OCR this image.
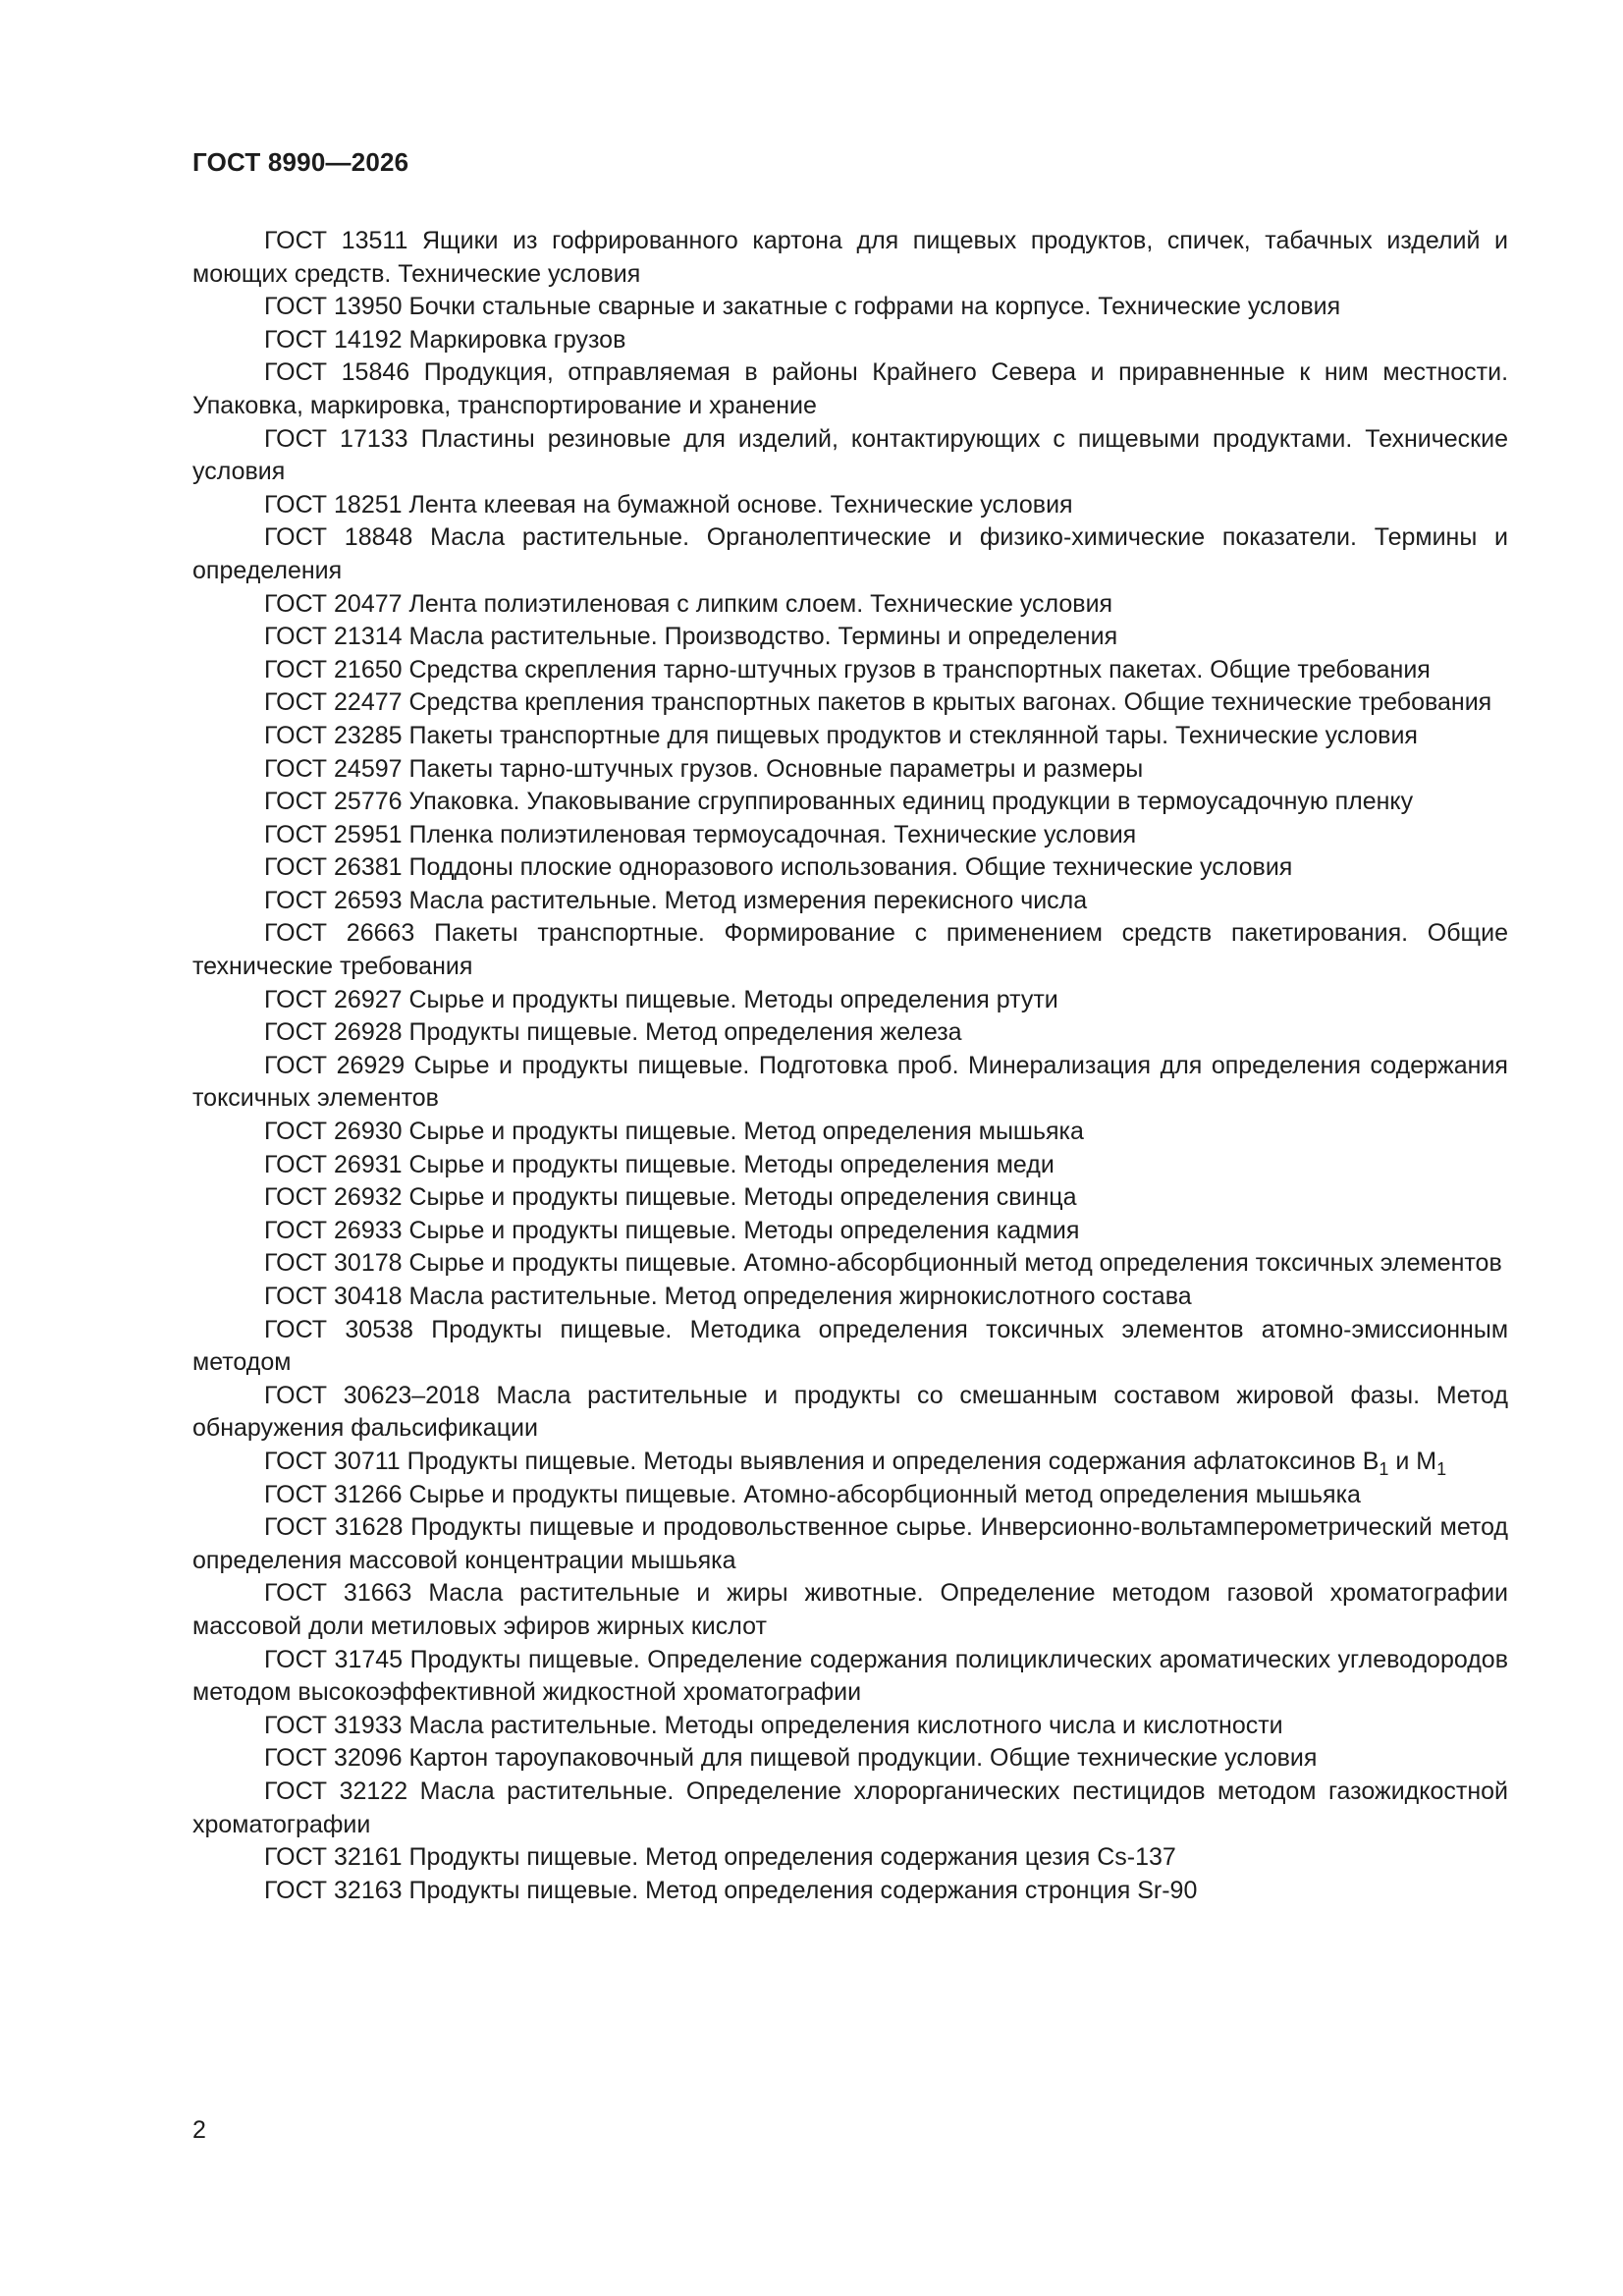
ГОСТ 8990—2026

ГОСТ 13511 Ящики из гофрированного картона для пищевых продуктов, спичек, табачных изделий и моющих средств. Технические условия

ГОСТ 13950 Бочки стальные сварные и закатные с гофрами на корпусе. Технические условия

ГОСТ 14192 Маркировка грузов

ГОСТ 15846 Продукция, отправляемая в районы Крайнего Севера и приравненные к ним местности. Упаковка, маркировка, транспортирование и хранение

ГОСТ 17133 Пластины резиновые для изделий, контактирующих с пищевыми продуктами. Технические условия

ГОСТ 18251 Лента клеевая на бумажной основе. Технические условия

ГОСТ 18848 Масла растительные. Органолептические и физико-химические показатели. Термины и определения

ГОСТ 20477 Лента полиэтиленовая с липким слоем. Технические условия

ГОСТ 21314 Масла растительные. Производство. Термины и определения

ГОСТ 21650 Средства скрепления тарно-штучных грузов в транспортных пакетах. Общие требования

ГОСТ 22477 Средства крепления транспортных пакетов в крытых вагонах. Общие технические требования

ГОСТ 23285 Пакеты транспортные для пищевых продуктов и стеклянной тары. Технические условия

ГОСТ 24597 Пакеты тарно-штучных грузов. Основные параметры и размеры

ГОСТ 25776 Упаковка. Упаковывание сгруппированных единиц продукции в термоусадочную пленку

ГОСТ 25951 Пленка полиэтиленовая термоусадочная. Технические условия

ГОСТ 26381 Поддоны плоские одноразового использования. Общие технические условия

ГОСТ 26593 Масла растительные. Метод измерения перекисного числа

ГОСТ 26663 Пакеты транспортные. Формирование с применением средств пакетирования. Общие технические требования

ГОСТ 26927 Сырье и продукты пищевые. Методы определения ртути

ГОСТ 26928 Продукты пищевые. Метод определения железа

ГОСТ 26929 Сырье и продукты пищевые. Подготовка проб. Минерализация для определения содержания токсичных элементов

ГОСТ 26930 Сырье и продукты пищевые. Метод определения мышьяка

ГОСТ 26931 Сырье и продукты пищевые. Методы определения меди

ГОСТ 26932 Сырье и продукты пищевые. Методы определения свинца

ГОСТ 26933 Сырье и продукты пищевые. Методы определения кадмия

ГОСТ 30178 Сырье и продукты пищевые. Атомно-абсорбционный метод определения токсичных элементов

ГОСТ 30418 Масла растительные. Метод определения жирнокислотного состава

ГОСТ 30538 Продукты пищевые. Методика определения токсичных элементов атомно-эмиссионным методом

ГОСТ 30623–2018 Масла растительные и продукты со смешанным составом жировой фазы. Метод обнаружения фальсификации

ГОСТ 30711 Продукты пищевые. Методы выявления и определения содержания афлатоксинов $B_1$ и $M_1$

ГОСТ 31266 Сырье и продукты пищевые. Атомно-абсорбционный метод определения мышьяка

ГОСТ 31628 Продукты пищевые и продовольственное сырье. Инверсионно-вольтамперометрический метод определения массовой концентрации мышьяка

ГОСТ 31663 Масла растительные и жиры животные. Определение методом газовой хроматографии массовой доли метиловых эфиров жирных кислот

ГОСТ 31745 Продукты пищевые. Определение содержания полициклических ароматических углеводородов методом высокоэффективной жидкостной хроматографии

ГОСТ 31933 Масла растительные. Методы определения кислотного числа и кислотности

ГОСТ 32096 Картон тароупаковочный для пищевой продукции. Общие технические условия

ГОСТ 32122 Масла растительные. Определение хлорорганических пестицидов методом газожидкостной хроматографии

ГОСТ 32161 Продукты пищевые. Метод определения содержания цезия Cs-137

ГОСТ 32163 Продукты пищевые. Метод определения содержания стронция Sr-90

2
